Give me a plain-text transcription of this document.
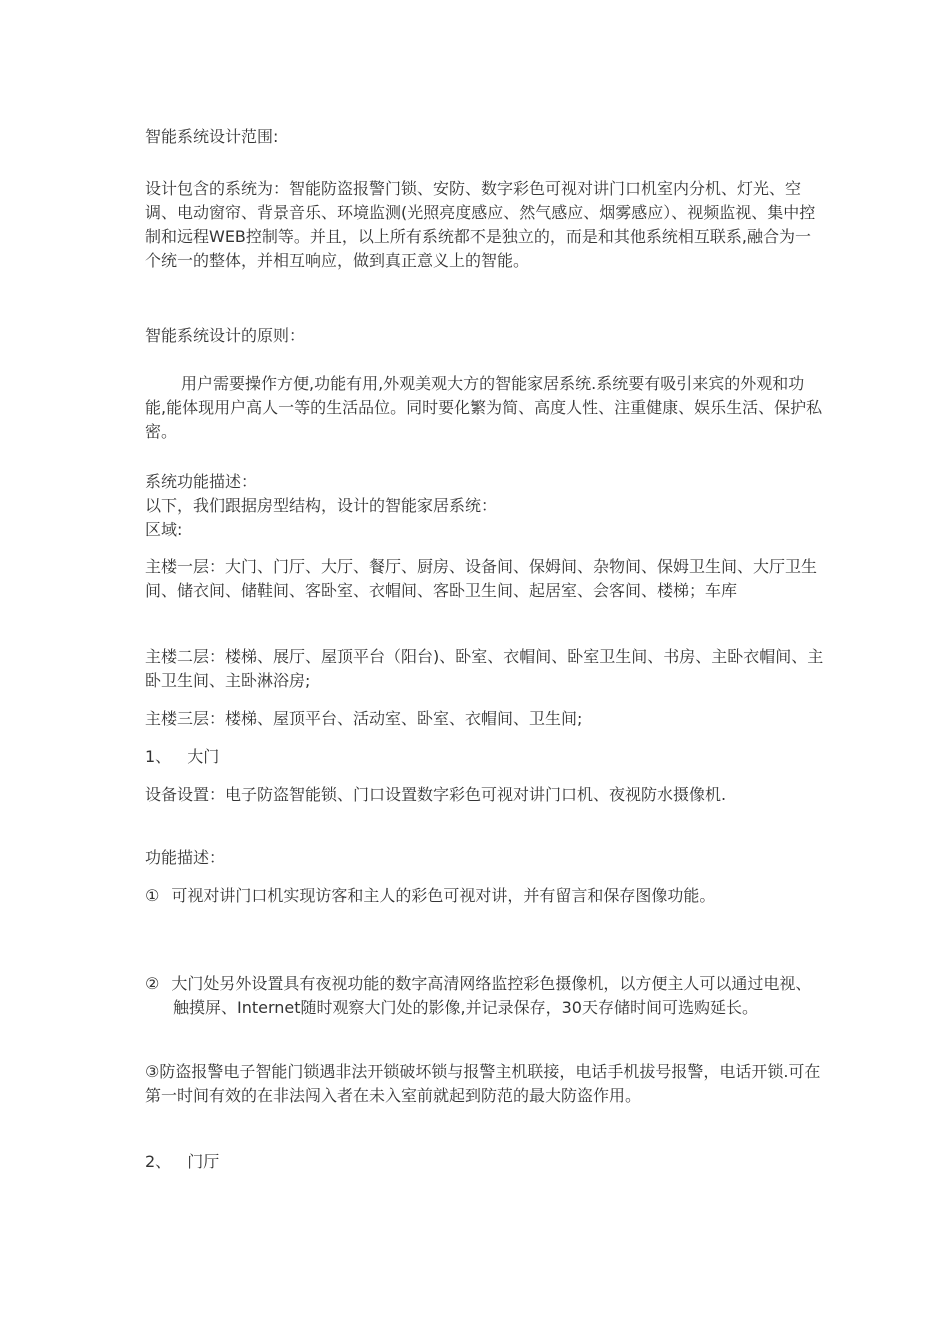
智能系统设计范围:

设计包含的系统为：智能防盗报警门锁、安防、数字彩色可视对讲门口机室内分机、灯光、空调、电动窗帘、背景音乐、环境监测(光照亮度感应、然气感应、烟雾感应）、视频监视、集中控制和远程WEB控制等。并且，以上所有系统都不是独立的，而是和其他系统相互联系,融合为一个统一的整体，并相互响应，做到真正意义上的智能。

智能系统设计的原则：

用户需要操作方便,功能有用,外观美观大方的智能家居系统.系统要有吸引来宾的外观和功能,能体现用户高人一等的生活品位。同时要化繁为简、高度人性、注重健康、娱乐生活、保护私密。

系统功能描述：

以下，我们跟据房型结构，设计的智能家居系统：

区域:

主楼一层：大门、门厅、大厅、餐厅、厨房、设备间、保姆间、杂物间、保姆卫生间、大厅卫生间、储衣间、储鞋间、客卧室、衣帽间、客卧卫生间、起居室、会客间、楼梯；车库

主楼二层：楼梯、展厅、屋顶平台（阳台)、卧室、衣帽间、卧室卫生间、书房、主卧衣帽间、主卧卫生间、主卧淋浴房;

主楼三层：楼梯、屋顶平台、活动室、卧室、衣帽间、卫生间;

1、 大门

设备设置：电子防盗智能锁、门口设置数字彩色可视对讲门口机、夜视防水摄像机.

功能描述：

① 可视对讲门口机实现访客和主人的彩色可视对讲，并有留言和保存图像功能。

② 大门处另外设置具有夜视功能的数字高清网络监控彩色摄像机，以方便主人可以通过电视、触摸屏、Internet随时观察大门处的影像,并记录保存，30天存储时间可选购延长。

③防盗报警电子智能门锁遇非法开锁破坏锁与报警主机联接，电话手机拔号报警，电话开锁.可在第一时间有效的在非法闯入者在未入室前就起到防范的最大防盗作用。

2、 门厅
